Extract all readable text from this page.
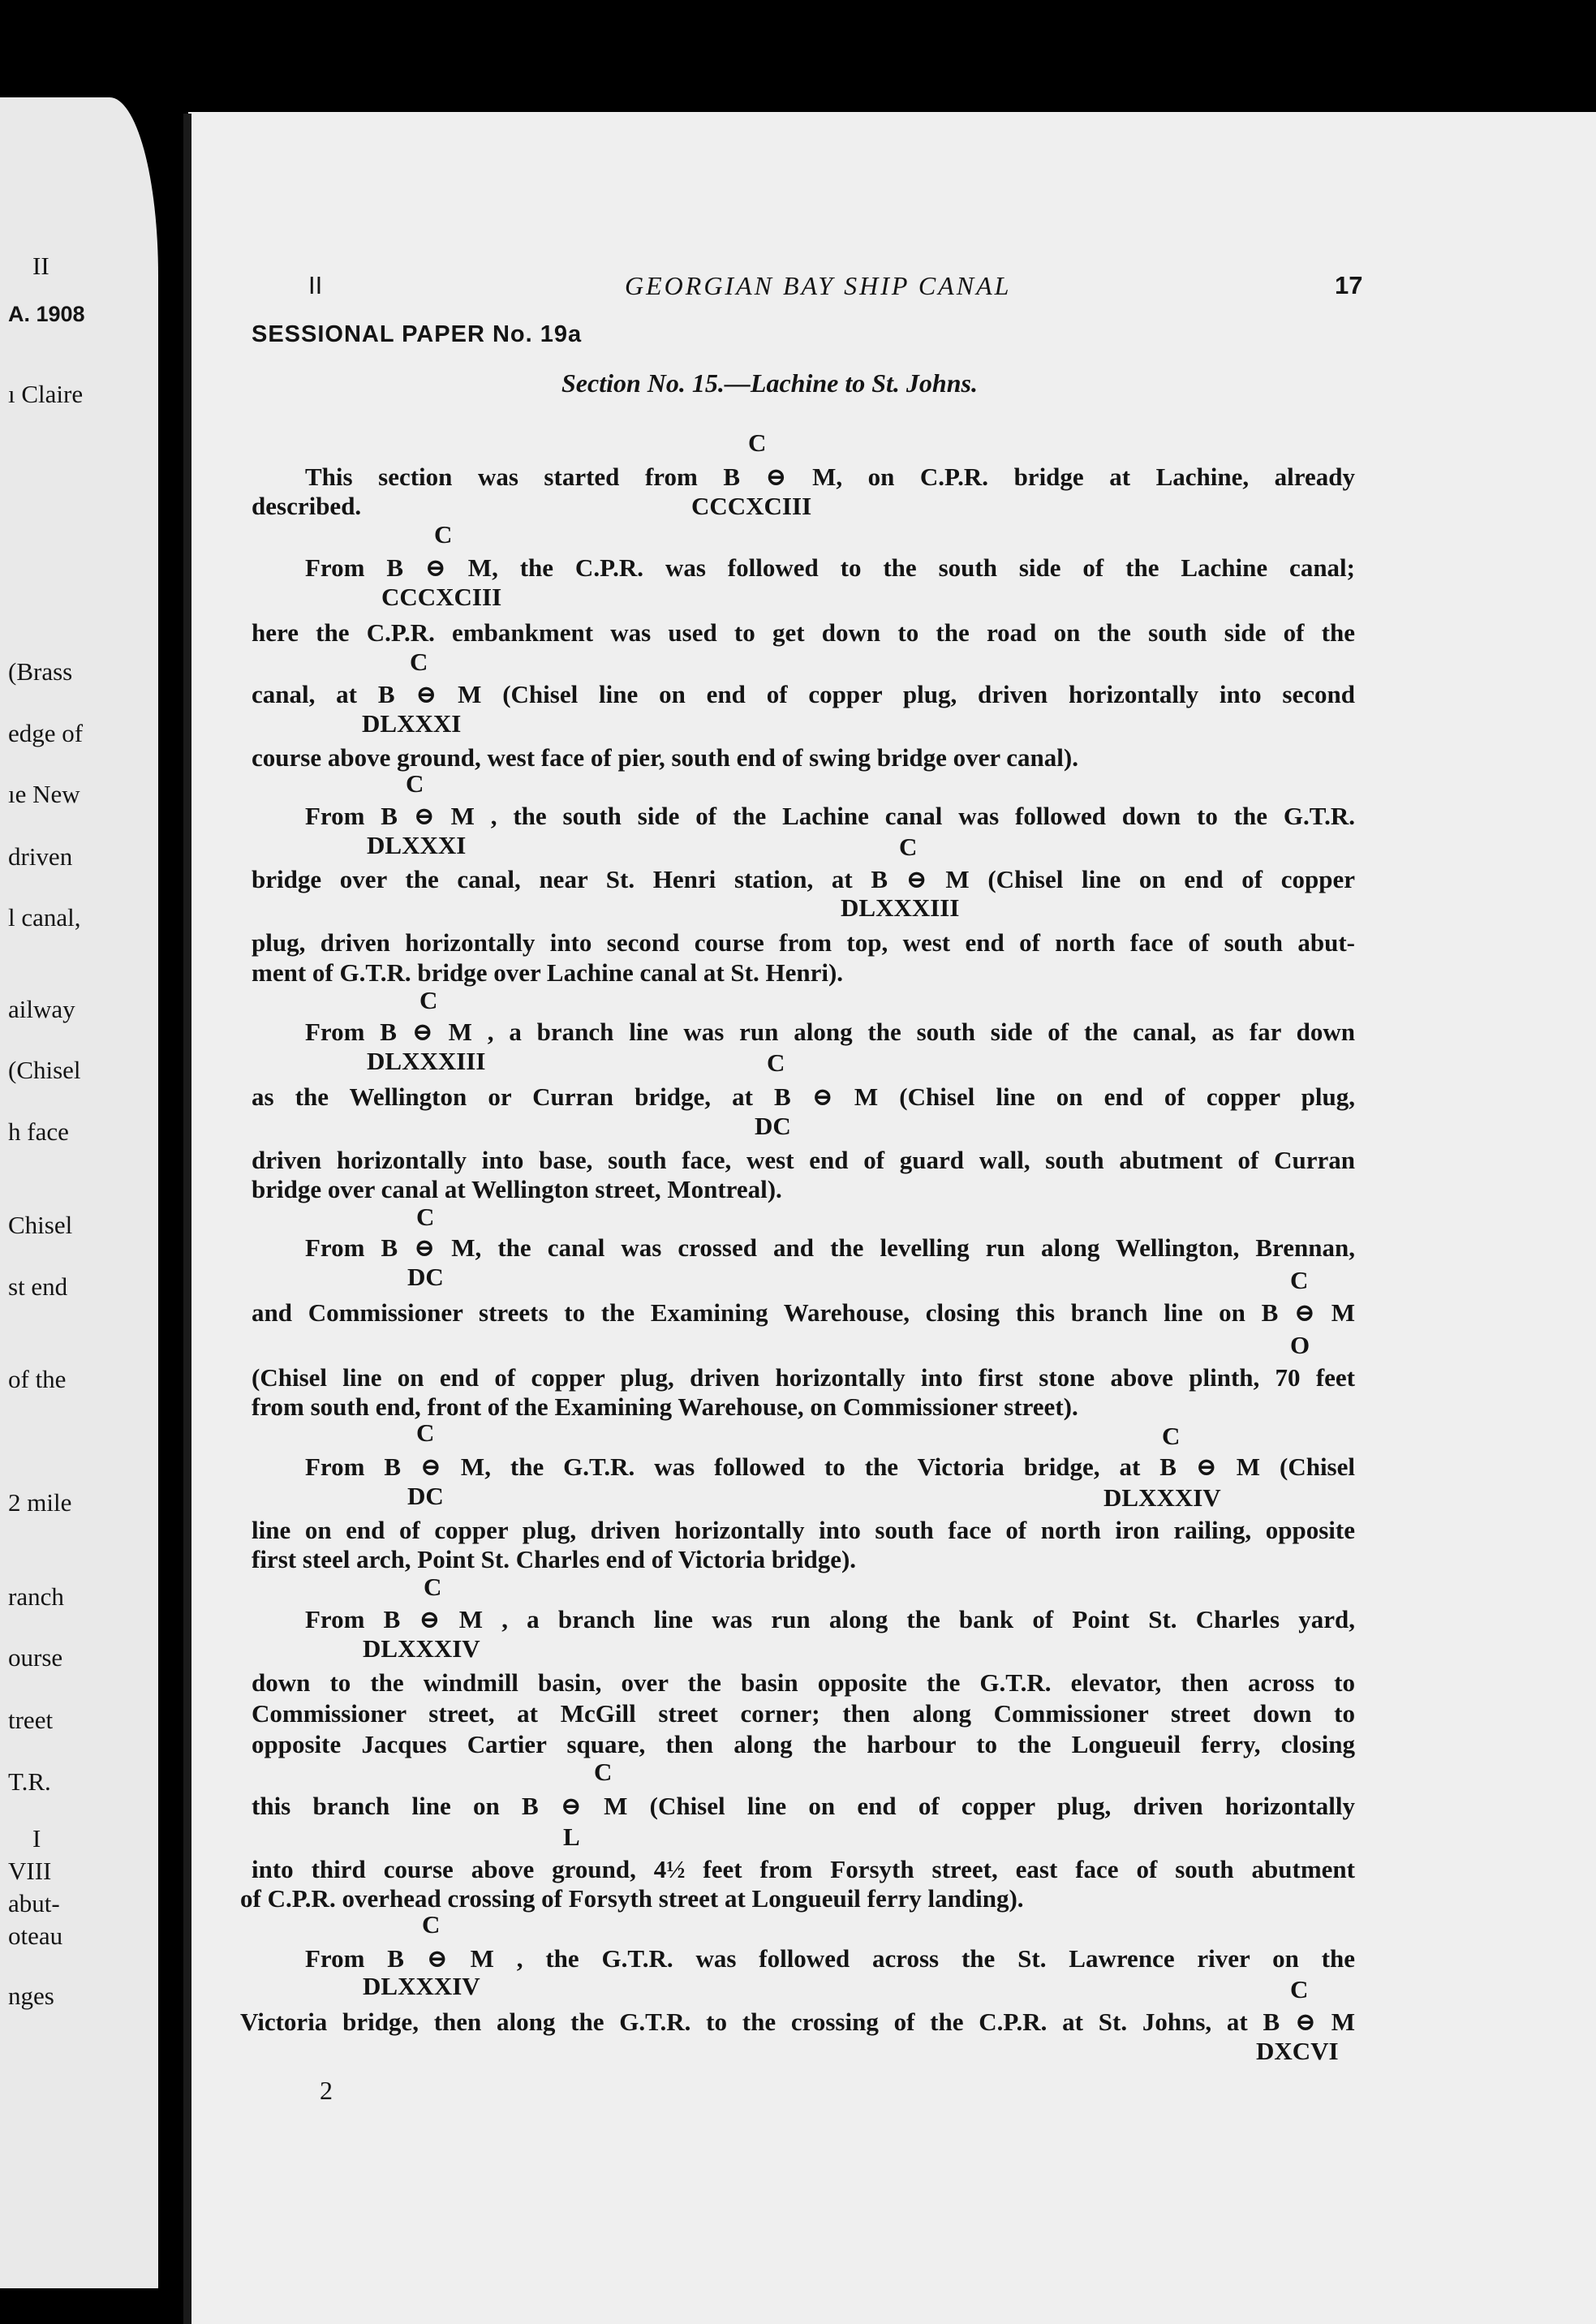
II
A. 1908
ı Claire
(Brass
edge of
ıe New
driven
l canal,
ailway
(Chisel
h face
Chisel
st end
of the
2 mile
ranch
ourse
treet
T.R.
I
VIII
abut-
oteau
nges
II	GEORGIAN BAY SHIP CANAL	17
SESSIONAL PAPER No. 19a
Section No. 15.—Lachine to St. Johns.
C
This section was started from B ⊖ M, on C.P.R. bridge at Lachine, already
described.	CCCXCIII
C
From B ⊖ M, the C.P.R. was followed to the south side of the Lachine canal;
CCCXCIII
here the C.P.R. embankment was used to get down to the road on the south side of the
C
canal, at B ⊖ M (Chisel line on end of copper plug, driven horizontally into second
DLXXXI
course above ground, west face of pier, south end of swing bridge over canal).
C
From B ⊖ M , the south side of the Lachine canal was followed down to the G.T.R.
DLXXXI	C
bridge over the canal, near St. Henri station, at B ⊖ M (Chisel line on end of copper
DLXXXIII
plug, driven horizontally into second course from top, west end of north face of south abut-
ment of G.T.R. bridge over Lachine canal at St. Henri).
C
From B ⊖ M , a branch line was run along the south side of the canal, as far down
DLXXXIII	C
as the Wellington or Curran bridge, at B ⊖ M (Chisel line on end of copper plug,
DC
driven horizontally into base, south face, west end of guard wall, south abutment of Curran
bridge over canal at Wellington street, Montreal).
C
From B ⊖ M, the canal was crossed and the levelling run along Wellington, Brennan,
DC	C
and Commissioner streets to the Examining Warehouse, closing this branch line on B ⊖ M
O
(Chisel line on end of copper plug, driven horizontally into first stone above plinth, 70 feet
from south end, front of the Examining Warehouse, on Commissioner street).
C	C
From B ⊖ M, the G.T.R. was followed to the Victoria bridge, at B ⊖ M (Chisel
DC	DLXXXIV
line on end of copper plug, driven horizontally into south face of north iron railing, opposite
first steel arch, Point St. Charles end of Victoria bridge).
C
From B ⊖ M , a branch line was run along the bank of Point St. Charles yard,
DLXXXIV
down to the windmill basin, over the basin opposite the G.T.R. elevator, then across to
Commissioner street, at McGill street corner; then along Commissioner street down to
opposite Jacques Cartier square, then along the harbour to the Longueuil ferry, closing
C
this branch line on B ⊖ M (Chisel line on end of copper plug, driven horizontally
L
into third course above ground, 4½ feet from Forsyth street, east face of south abutment
of C.P.R. overhead crossing of Forsyth street at Longueuil ferry landing).
C
From B ⊖ M , the G.T.R. was followed across the St. Lawrence river on the
DLXXXIV	C
Victoria bridge, then along the G.T.R. to the crossing of the C.P.R. at St. Johns, at B ⊖ M
DXCVI
2
